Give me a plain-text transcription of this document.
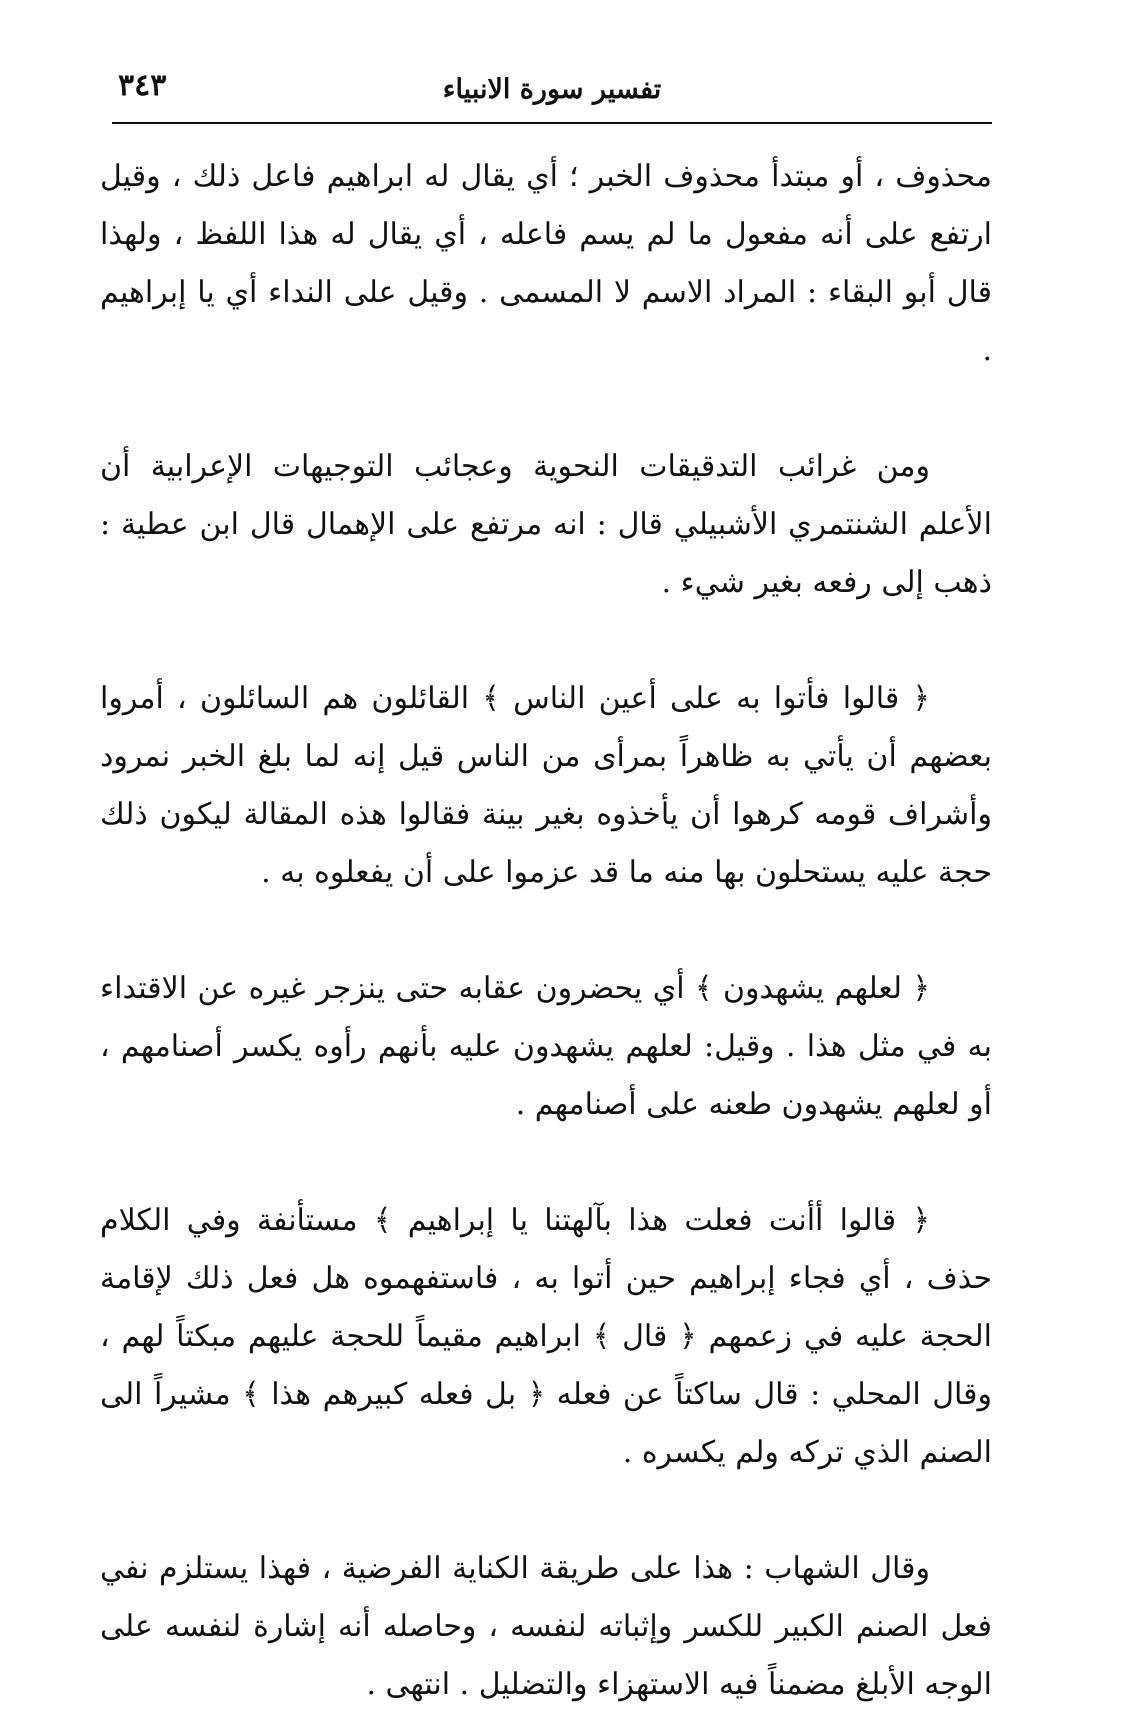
٣٤٣	تفسير سورة الانبياء

محذوف ، أو مبتدأ محذوف الخبر ؛ أي يقال له ابراهيم فاعل ذلك ، وقيل ارتفع على أنه مفعول ما لم يسم فاعله ، أي يقال له هذا اللفظ ، ولهذا قال أبو البقاء : المراد الاسم لا المسمى . وقيل على النداء أي يا إبراهيم .

ومن غرائب التدقيقات النحوية وعجائب التوجيهات الإعرابية أن الأعلم الشنتمري الأشبيلي قال : انه مرتفع على الإهمال قال ابن عطية : ذهب إلى رفعه بغير شيء .

﴿ قالوا فأتوا به على أعين الناس ﴾ القائلون هم السائلون ، أمروا بعضهم أن يأتي به ظاهراً بمرأى من الناس قيل إنه لما بلغ الخبر نمرود وأشراف قومه كرهوا أن يأخذوه بغير بينة فقالوا هذه المقالة ليكون ذلك حجة عليه يستحلون بها منه ما قد عزموا على أن يفعلوه به .

﴿ لعلهم يشهدون ﴾ أي يحضرون عقابه حتى ينزجر غيره عن الاقتداء به في مثل هذا . وقيل: لعلهم يشهدون عليه بأنهم رأوه يكسر أصنامهم ، أو لعلهم يشهدون طعنه على أصنامهم .

﴿ قالوا أأنت فعلت هذا بآلهتنا يا إبراهيم ﴾ مستأنفة وفي الكلام حذف ، أي فجاء إبراهيم حين أتوا به ، فاستفهموه هل فعل ذلك لإقامة الحجة عليه في زعمهم ﴿ قال ﴾ ابراهيم مقيماً للحجة عليهم مبكتاً لهم ، وقال المحلي : قال ساكتاً عن فعله ﴿ بل فعله كبيرهم هذا ﴾ مشيراً الى الصنم الذي تركه ولم يكسره .

وقال الشهاب : هذا على طريقة الكناية الفرضية ، فهذا يستلزم نفي فعل الصنم الكبير للكسر وإثباته لنفسه ، وحاصله أنه إشارة لنفسه على الوجه الأبلغ مضمناً فيه الاستهزاء والتضليل . انتهى .
